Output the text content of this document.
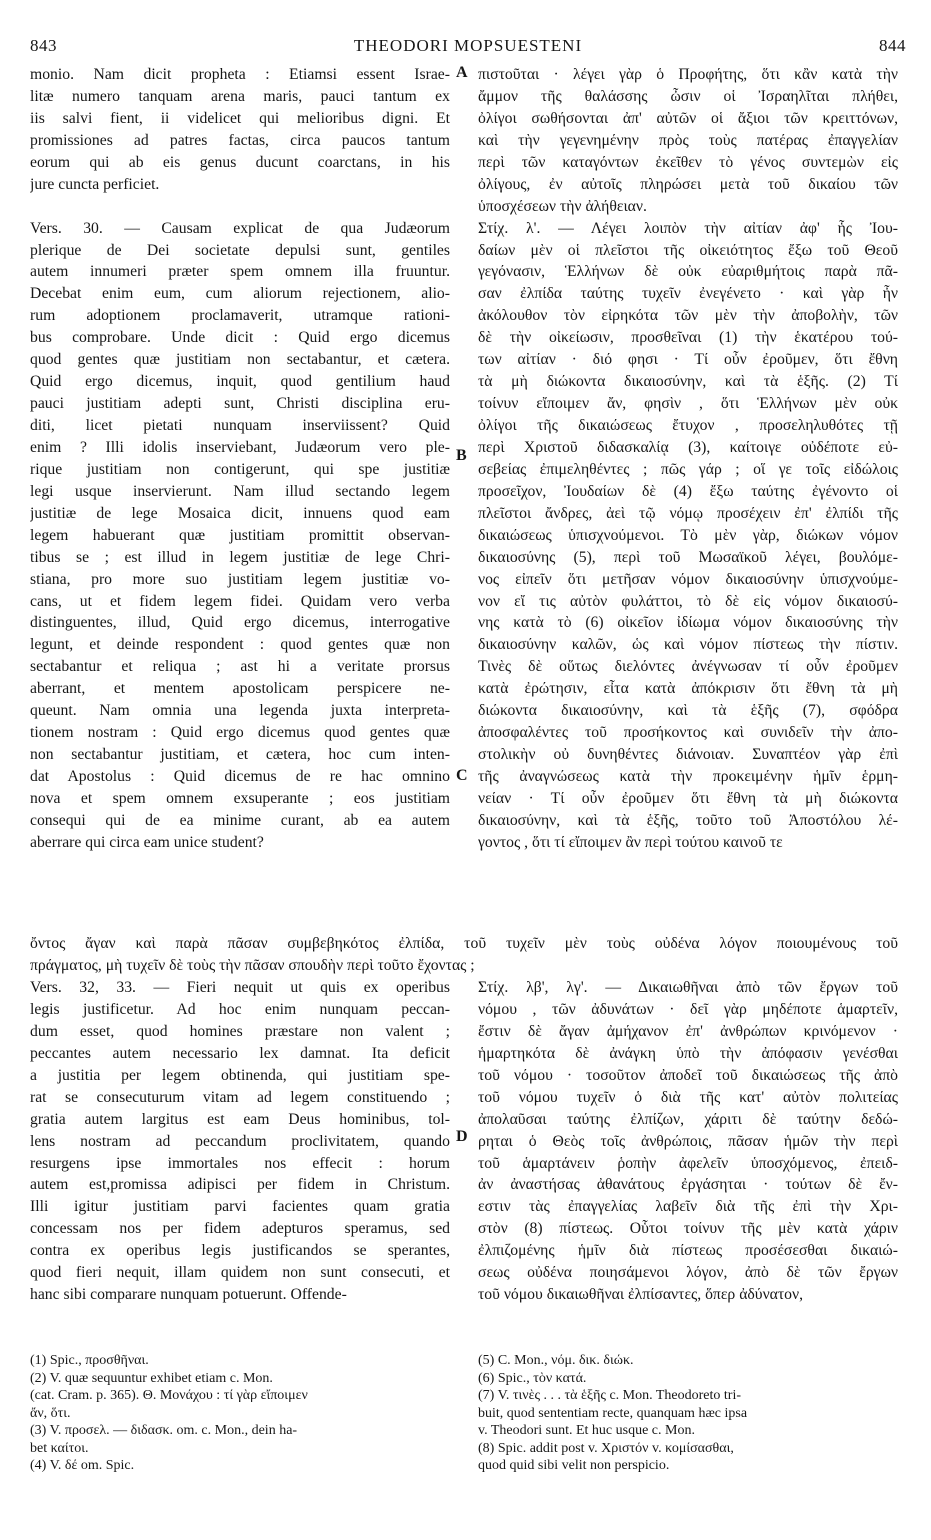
843	THEODORI MOPSUESTENI	844
monio. Nam dicit propheta : Etiamsi essent Israe-
litæ numero tanquam arena maris, pauci tantum ex
iis salvi fient, ii videlicet qui melioribus digni. Et
promissiones ad patres factas, circa paucos tantum
eorum qui ab eis genus ducunt coarctans, in his
jure cuncta perficiet.
Vers. 30. — Causam explicat de qua Judæorum
plerique de Dei societate depulsi sunt, gentiles
autem innumeri præter spem omnem illa fruuntur.
Decebat enim eum, cum aliorum rejectionem, alio-
rum adoptionem proclamaverit, utramque rationi-
bus comprobare. Unde dicit : Quid ergo dicemus
quod gentes quæ justitiam non sectabantur, et cætera.
Quid ergo dicemus, inquit, quod gentilium haud
pauci justitiam adepti sunt, Christi disciplina eru-
diti, licet pietati nunquam inserviissent? Quid
enim ? Illi idolis inserviebant, Judæorum vero ple-
rique justitiam non contigerunt, qui spe justitiæ
legi usque inservierunt. Nam illud sectando legem
justitiæ de lege Mosaica dicit, innuens quod eam
legem habuerant quæ justitiam promittit observan-
tibus se ; est illud in legem justitiæ de lege Chri-
stiana, pro more suo justitiam legem justitiæ vo-
cans, ut et fidem legem fidei. Quidam vero verba
distinguentes, illud, Quid ergo dicemus, interrogative
legunt, et deinde respondent : quod gentes quæ non
sectabantur et reliqua ; ast hi a veritate prorsus
aberrant, et mentem apostolicam perspicere ne-
queunt. Nam omnia una legenda juxta interpreta-
tionem nostram : Quid ergo dicemus quod gentes quæ
non sectabantur justitiam, et cætera, hoc cum inten-
dat Apostolus : Quid dicemus de re hac omnino
nova et spem omnem exsuperante ; eos justitiam
consequi qui de ea minime curant, ab ea autem
aberrare qui circa eam unice student?
πιστοῦται · λέγει γὰρ ὁ Προφήτης, ὅτι κἂν κατὰ τὴν
ἄμμον τῆς θαλάσσης ὦσιν οἱ Ἰσραηλῖται πλήθει,
ὀλίγοι σωθήσονται ἀπ' αὐτῶν οἱ ἄξιοι τῶν κρειττόνων,
καὶ τὴν γεγενημένην πρὸς τοὺς πατέρας ἐπαγγελίαν
περὶ τῶν καταγόντων ἐκεῖθεν τὸ γένος συντεμὼν εἰς
ὀλίγους, ἐν αὐτοῖς πληρώσει μετὰ τοῦ δικαίου τῶν
ὑποσχέσεων τὴν ἀλήθειαν.
Στίχ. λ'. — Λέγει λοιπὸν τὴν αἰτίαν ἀφ' ἧς Ἰου-
δαίων μὲν οἱ πλεῖστοι τῆς οἰκειότητος ἔξω τοῦ Θεοῦ
γεγόνασιν, Ἑλλήνων δὲ οὐκ εὐαριθμήτοις παρὰ πᾶ-
σαν ἐλπίδα ταύτης τυχεῖν ἐνεγένετο · καὶ γὰρ ἦν
ἀκόλουθον τὸν εἰρηκότα τῶν μὲν τὴν ἀποβολὴν, τῶν
δὲ τὴν οἰκείωσιν, προσθεῖναι (1) τὴν ἑκατέρου τού-
των αἰτίαν · διό φησι · Τί οὖν ἐροῦμεν, ὅτι ἔθνη
τὰ μὴ διώκοντα δικαιοσύνην, καὶ τὰ ἑξῆς. (2) Τί
τοίνυν εἴποιμεν ἄν, φησὶν , ὅτι Ἑλλήνων μὲν οὐκ
ὀλίγοι τῆς δικαιώσεως ἔτυχον , προσεληλυθότες τῇ
περὶ Χριστοῦ διδασκαλίᾳ (3), καίτοιγε οὐδέποτε εὐ-
σεβείας ἐπιμεληθέντες ; πῶς γάρ ; οἵ γε τοῖς εἰδώλοις
προσεῖχον, Ἰουδαίων δὲ (4) ἔξω ταύτης ἐγένοντο οἱ
πλεῖστοι ἄνδρες, ἀεὶ τῷ νόμῳ προσέχειν ἐπ' ἐλπίδι τῆς
δικαιώσεως ὑπισχνούμενοι. Τὸ μὲν γὰρ, διώκων νόμον
δικαιοσύνης (5), περὶ τοῦ Μωσαϊκοῦ λέγει, βουλόμε-
νος εἰπεῖν ὅτι μετῆσαν νόμον δικαιοσύνην ὑπισχνούμε-
νον εἴ τις αὐτὸν φυλάττοι, τὸ δὲ εἰς νόμον δικαιοσύ-
νης κατὰ τὸ (6) οἰκεῖον ἰδίωμα νόμον δικαιοσύνης τὴν
δικαιοσύνην καλῶν, ὡς καὶ νόμον πίστεως τὴν πίστιν.
Τινὲς δὲ οὕτως διελόντες ἀνέγνωσαν τί οὖν ἐροῦμεν
κατὰ ἐρώτησιν, εἶτα κατὰ ἀπόκρισιν ὅτι ἔθνη τὰ μὴ
διώκοντα δικαιοσύνην, καὶ τὰ ἑξῆς (7), σφόδρα
ἀποσφαλέντες τοῦ προσήκοντος καὶ συνιδεῖν τὴν ἀπο-
στολικὴν οὐ δυνηθέντες διάνοιαν. Συναπτέον γὰρ ἐπὶ
τῆς ἀναγνώσεως κατὰ τὴν προκειμένην ἡμῖν ἑρμη-
νείαν · Τί οὖν ἐροῦμεν ὅτι ἔθνη τὰ μὴ διώκοντα
δικαιοσύνην, καὶ τὰ ἑξῆς, τοῦτο τοῦ Ἀποστόλου λέ-
γοντος , ὅτι τί εἴποιμεν ἂν περὶ τούτου καινοῦ τε
ὄντος ἄγαν καὶ παρὰ πᾶσαν συμβεβηκότος ἐλπίδα, τοῦ τυχεῖν μὲν τοὺς οὐδένα λόγον ποιουμένους τοῦ
πράγματος, μὴ τυχεῖν δὲ τοὺς τὴν πᾶσαν σπουδὴν περὶ τοῦτο ἔχοντας ;
Vers. 32, 33. — Fieri nequit ut quis ex operibus
legis justificetur. Ad hoc enim nunquam peccan-
dum esset, quod homines præstare non valent ;
peccantes autem necessario lex damnat. Ita deficit
a justitia per legem obtinenda, qui justitiam spe-
rat se consecuturum vitam ad legem constituendo ;
gratia autem largitus est eam Deus hominibus, tol-
lens nostram ad peccandum proclivitatem, quando
resurgens ipse immortales nos effecit : horum
autem est,promissa adipisci per fidem in Christum.
Illi igitur justitiam parvi facientes quam gratia
concessam nos per fidem adepturos speramus, sed
contra ex operibus legis justificandos se sperantes,
quod fieri nequit, illam quidem non sunt consecuti, et
hanc sibi comparare nunquam potuerunt. Offende-
Στίχ. λβ', λγ'. — Δικαιωθῆναι ἀπὸ τῶν ἔργων τοῦ
νόμου , τῶν ἀδυνάτων · δεῖ γὰρ μηδέποτε ἁμαρτεῖν,
ἔστιν δὲ ἄγαν ἀμήχανον ἐπ' ἀνθρώπων κρινόμενον ·
ἡμαρτηκότα δὲ ἀνάγκη ὑπὸ τὴν ἀπόφασιν γενέσθαι
τοῦ νόμου · τοσοῦτον ἀποδεῖ τοῦ δικαιώσεως τῆς ἀπὸ
τοῦ νόμου τυχεῖν ὁ διὰ τῆς κατ' αὐτὸν πολιτείας
ἀπολαῦσαι ταύτης ἐλπίζων, χάριτι δὲ ταύτην δεδώ-
ρηται ὁ Θεὸς τοῖς ἀνθρώποις, πᾶσαν ἡμῶν τὴν περὶ
τοῦ ἁμαρτάνειν ῥοπὴν ἀφελεῖν ὑποσχόμενος, ἐπειδ-
ἀν ἀναστήσας ἀθανάτους ἐργάσηται · τούτων δὲ ἔν-
εστιν τὰς ἐπαγγελίας λαβεῖν διὰ τῆς ἐπὶ τὴν Χρι-
στὸν (8) πίστεως. Οὗτοι τοίνυν τῆς μὲν κατὰ χάριν
ἐλπιζομένης ἡμῖν διὰ πίστεως προσέσεσθαι δικαιώ-
σεως οὐδένα ποιησάμενοι λόγον, ἀπὸ δὲ τῶν ἔργων
τοῦ νόμου δικαιωθῆναι ἐλπίσαντες, ὅπερ ἀδύνατον,
A
B
C
D
(1) Spic., προσθῆναι.
(2) V. quæ sequuntur exhibet etiam c. Mon.
(cat. Cram. p. 365). Θ. Μονάχου : τί γὰρ εἴποιμεν
ἄν, ὅτι.
(3) V. προσελ. — διδασκ. om. c. Mon., dein ha-
bet καίτοι.
(4) V. δέ om. Spic.
(5) C. Mon., νόμ. δικ. διώκ.
(6) Spic., τὸν κατά.
(7) V. τινὲς . . . τὰ ἑξῆς c. Mon. Theodoreto tri-
buit, quod sententiam recte, quanquam hæc ipsa
v. Theodori sunt. Et huc usque c. Mon.
(8) Spic. addit post v. Χριστόν v. κομίσασθαι,
quod quid sibi velit non perspicio.
